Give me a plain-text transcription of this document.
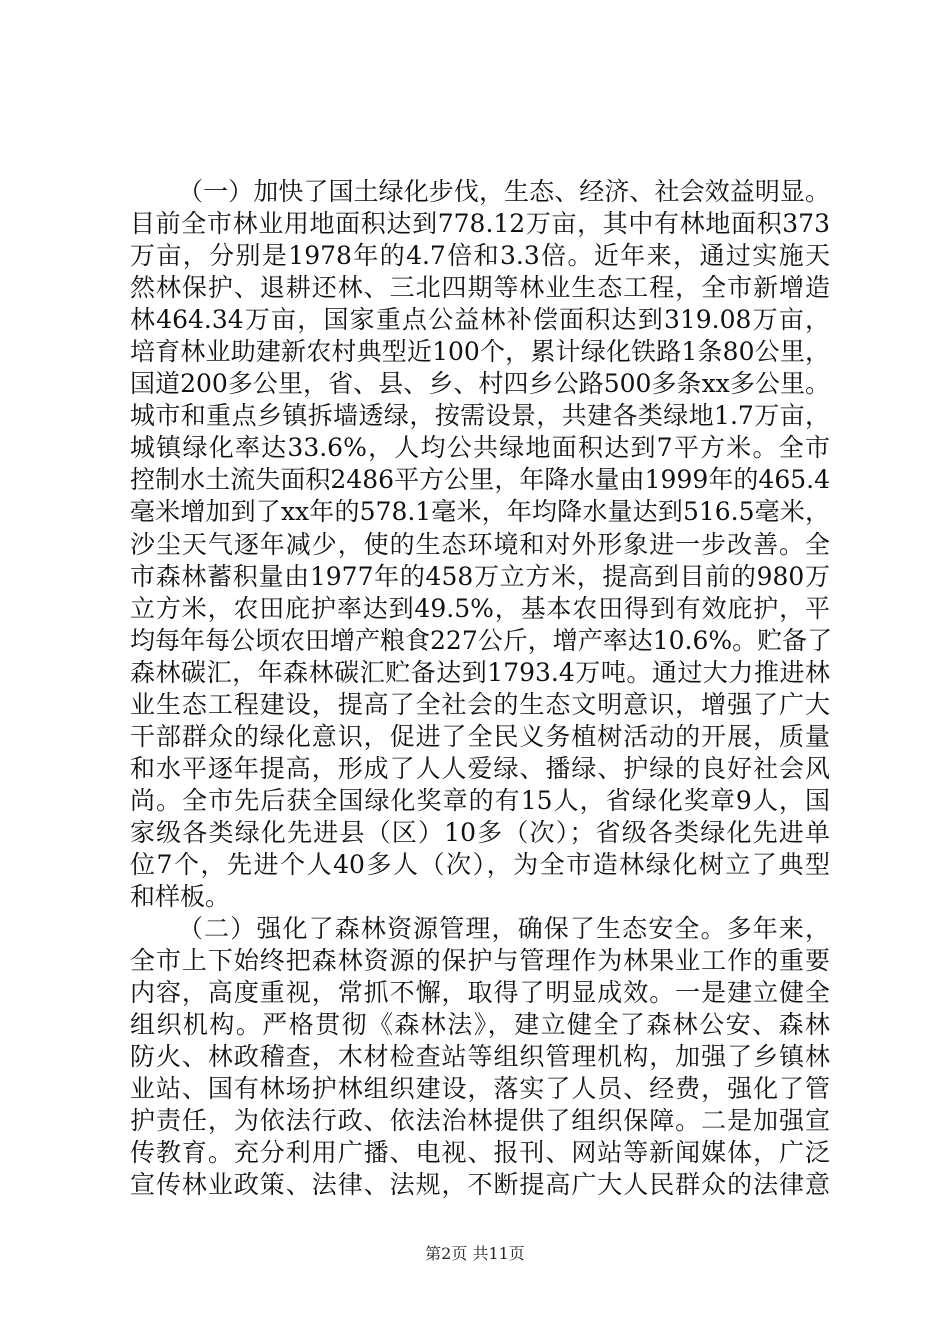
（一）加快了国土绿化步伐，生态、经济、社会效益明显。
目前全市林业用地面积达到778.12万亩，其中有林地面积373
万亩，分别是1978年的4.7倍和3.3倍。近年来，通过实施天
然林保护、退耕还林、三北四期等林业生态工程，全市新增造
林464.34万亩，国家重点公益林补偿面积达到319.08万亩，
培育林业助建新农村典型近100个，累计绿化铁路1条80公里，
国道200多公里，省、县、乡、村四乡公路500多条xx多公里。
城市和重点乡镇拆墙透绿，按需设景，共建各类绿地1.7万亩，
城镇绿化率达33.6%，人均公共绿地面积达到7平方米。全市
控制水土流失面积2486平方公里，年降水量由1999年的465.4
毫米增加到了xx年的578.1毫米，年均降水量达到516.5毫米，
沙尘天气逐年减少，使的生态环境和对外形象进一步改善。全
市森林蓄积量由1977年的458万立方米，提高到目前的980万
立方米，农田庇护率达到49.5%，基本农田得到有效庇护，平
均每年每公顷农田增产粮食227公斤，增产率达10.6%。贮备了
森林碳汇，年森林碳汇贮备达到1793.4万吨。通过大力推进林
业生态工程建设，提高了全社会的生态文明意识，增强了广大
干部群众的绿化意识，促进了全民义务植树活动的开展，质量
和水平逐年提高，形成了人人爱绿、播绿、护绿的良好社会风
尚。全市先后获全国绿化奖章的有15人，省绿化奖章9人，国
家级各类绿化先进县（区）10多（次）；省级各类绿化先进单
位7个，先进个人40多人（次），为全市造林绿化树立了典型
和样板。
（二）强化了森林资源管理，确保了生态安全。多年来，
全市上下始终把森林资源的保护与管理作为林果业工作的重要
内容，高度重视，常抓不懈，取得了明显成效。一是建立健全
组织机构。严格贯彻《森林法》，建立健全了森林公安、森林
防火、林政稽查，木材检查站等组织管理机构，加强了乡镇林
业站、国有林场护林组织建设，落实了人员、经费，强化了管
护责任，为依法行政、依法治林提供了组织保障。二是加强宣
传教育。充分利用广播、电视、报刊、网站等新闻媒体，广泛
宣传林业政策、法律、法规，不断提高广大人民群众的法律意
第2页 共11页
